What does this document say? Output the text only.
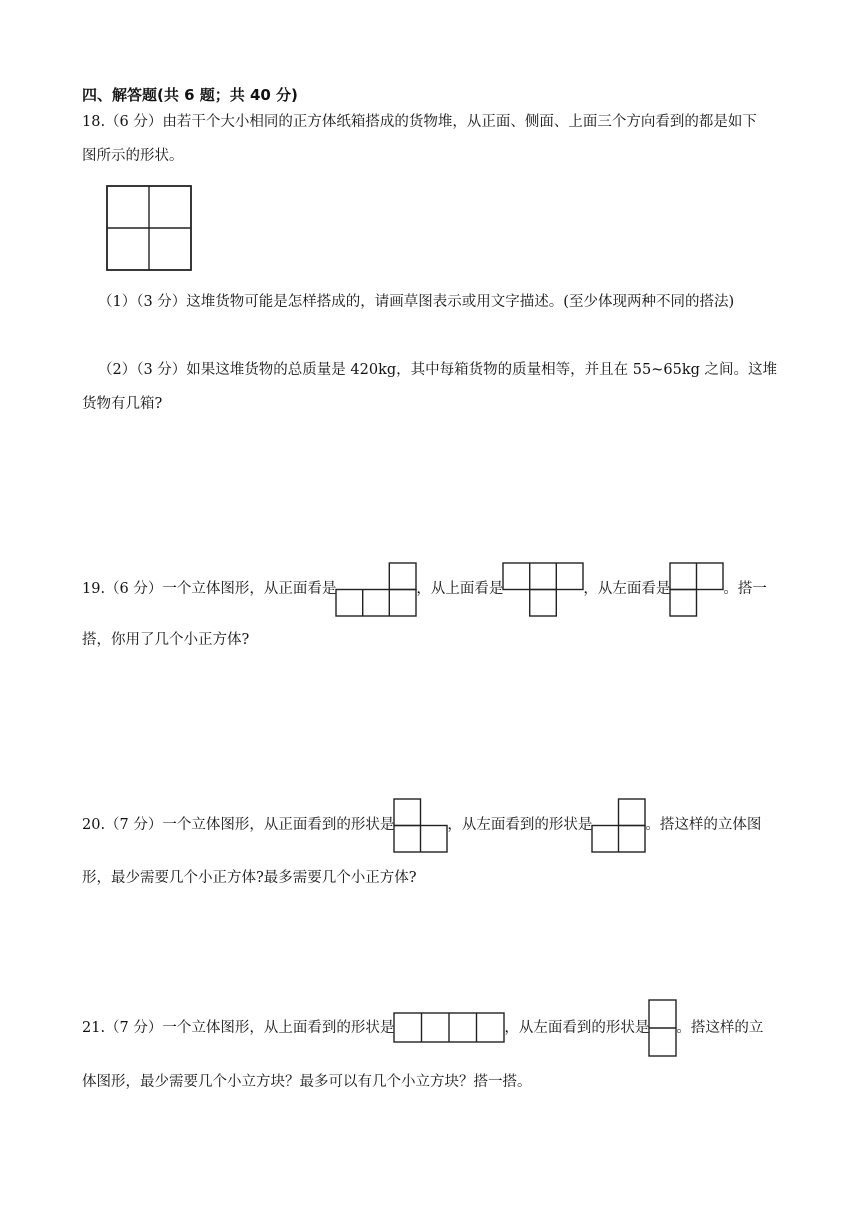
四、解答题(共 6 题；共 40 分)
18.（6 分）由若干个大小相同的正方体纸箱搭成的货物堆，从正面、侧面、上面三个方向看到的都是如下
图所示的形状。
（1）（3 分）这堆货物可能是怎样搭成的，请画草图表示或用文字描述。(至少体现两种不同的搭法)
（2）（3 分）如果这堆货物的总质量是 420kg，其中每箱货物的质量相等，并且在 55~65kg 之间。这堆
货物有几箱?
19.（6 分）一个立体图形，从正面看是	，从上面看是	，从左面看是	。搭一
搭，你用了几个小正方体?
20.（7 分）一个立体图形，从正面看到的形状是	，从左面看到的形状是	。搭这样的立体图
形，最少需要几个小正方体?最多需要几个小正方体?
21.（7 分）一个立体图形，从上面看到的形状是	，从左面看到的形状是 。搭这样的立
体图形，最少需要几个小立方块？最多可以有几个小立方块？搭一搭。
